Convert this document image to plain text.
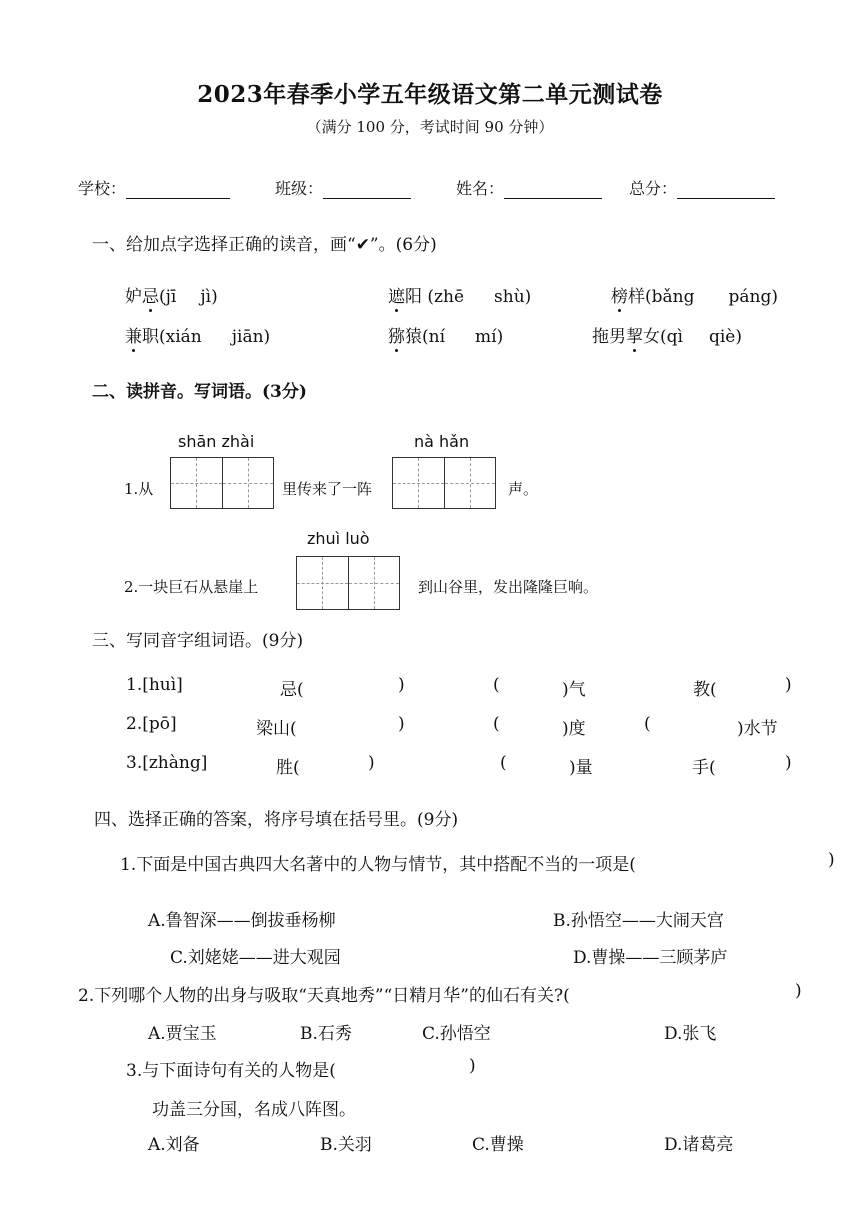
2023年春季小学五年级语文第二单元测试卷
（满分 100 分，考试时间 90 分钟）
学校：	班级：	姓名：	总分：
一、给加点字选择正确的读音，画“✔”。(6分)
妒忌(jī jì)	遮阳 (zhē shù)	榜样(bǎng páng)
兼职(xián jiān)	猕猿(ní mí)	拖男挈女(qì qiè)
二、读拼音。写词语。(3分)
shān zhài	nà hǎn
1.从	里传来了一阵	声。
zhuì luò
2.一块巨石从悬崖上	到山谷里，发出隆隆巨响。
三、写同音字组词语。(9分)
1.[huì]	忌(	)	(	)气	教(	)
2.[pō]	梁山(	)	(	)度	(	)水节
3.[zhàng]	胜(	)	(	)量	手(	)
四、选择正确的答案，将序号填在括号里。(9分)
1.下面是中国古典四大名著中的人物与情节，其中搭配不当的一项是(	)
A.鲁智深——倒拔垂杨柳	B.孙悟空——大闹天宫
C.刘姥姥——进大观园	D.曹操——三顾茅庐
2.下列哪个人物的出身与吸取“天真地秀”“日精月华”的仙石有关?(	)
A.贾宝玉	B.石秀	C.孙悟空	D.张飞
3.与下面诗句有关的人物是(	)
功盖三分国，名成八阵图。
A.刘备	B.关羽	C.曹操	D.诸葛亮
